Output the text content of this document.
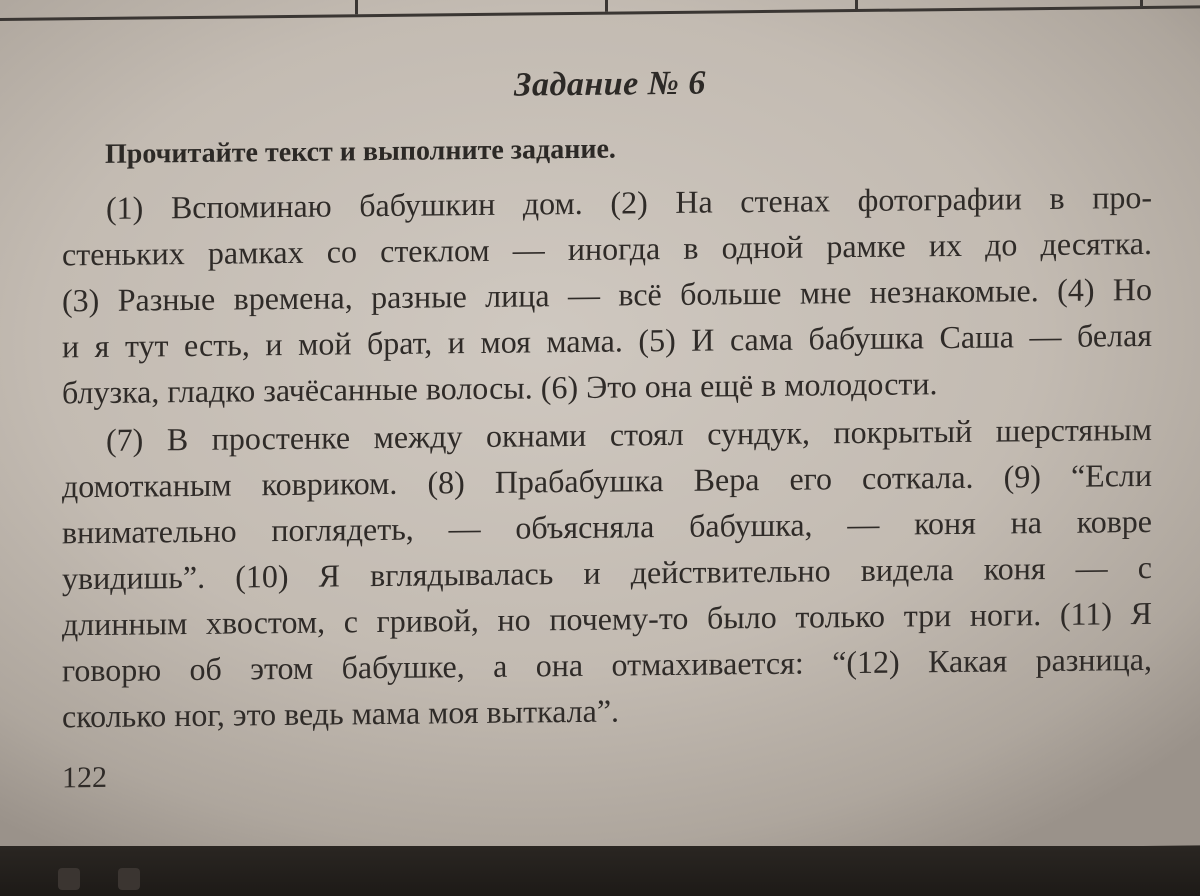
Задание № 6
Прочитайте текст и выполните задание.
(1) Вспоминаю бабушкин дом. (2) На стенах фотографии в про-
стеньких рамках со стеклом — иногда в одной рамке их до десятка.
(3) Разные времена, разные лица — всё больше мне незнакомые. (4) Но
и я тут есть, и мой брат, и моя мама. (5) И сама бабушка Саша — белая
блузка, гладко зачёсанные волосы. (6) Это она ещё в молодости.
(7) В простенке между окнами стоял сундук, покрытый шерстяным
домотканым ковриком. (8) Прабабушка Вера его соткала. (9) “Если
внимательно поглядеть, — объясняла бабушка, — коня на ковре
увидишь”. (10) Я вглядывалась и действительно видела коня — с
длинным хвостом, с гривой, но почему-то было только три ноги. (11) Я
говорю об этом бабушке, а она отмахивается: “(12) Какая разница,
сколько ног, это ведь мама моя выткала”.
122
